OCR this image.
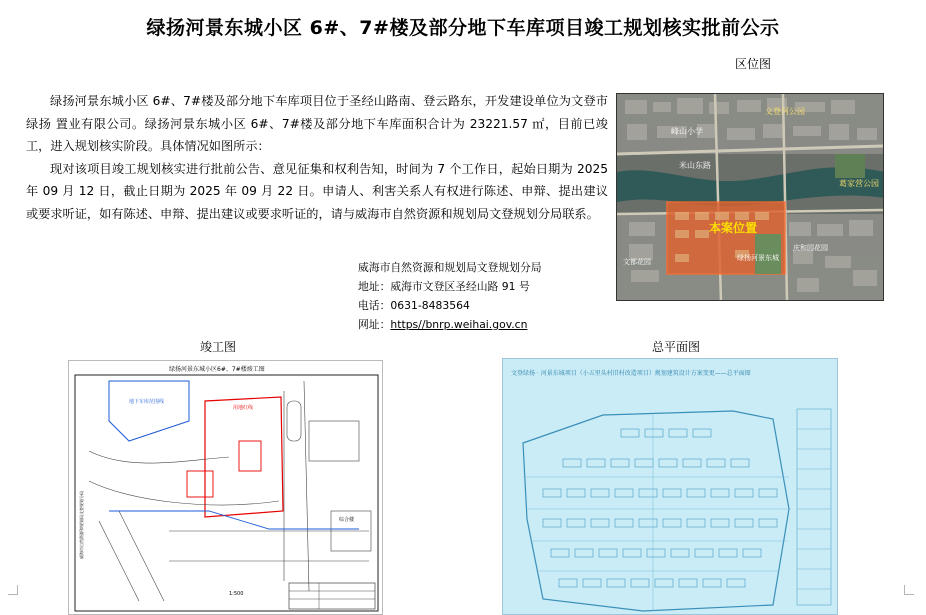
绿扬河景东城小区 6#、7#楼及部分地下车库项目竣工规划核实批前公示

绿扬河景东城小区 6#、7#楼及部分地下车库项目位于圣经山路南、登云路东，开发建设单位为文登市绿扬 置业有限公司。绿扬河景东城小区 6#、7#楼及部分地下车库面积合计为 23221.57 ㎡，目前已竣工，进入规划核实阶段。具体情况如图所示：

现对该项目竣工规划核实进行批前公告、意见征集和权利告知，时间为 7 个工作日，起始日期为 2025 年 09 月 12 日，截止日期为 2025 年 09 月 22 日。申请人、利害关系人有权进行陈述、申辩、提出建议或要求听证，如有陈述、申辩、提出建议或要求听证的，请与威海市自然资源和规划局文登规划分局联系。

威海市自然资源和规划局文登规划分局
地址：威海市文登区圣经山路 91 号
电话：0631-8483564
网址：https//bnrp.weihai.gov.cn
区位图
峰山小学
文登河公园
米山东路
葛家营公园
本案位置
绿扬河景东城
庆和园花园
文都花园
竣工图	总平面图
绿扬河景东城小区6#、7#楼竣工图
地下车库范围线
用地红线
综合楼
威海市自然资源和规划局文登规划分局
1:500
文登绿扬 · 河景东城项目（小五里头村旧村改造项目）规划建筑设计方案变更——总平面图
